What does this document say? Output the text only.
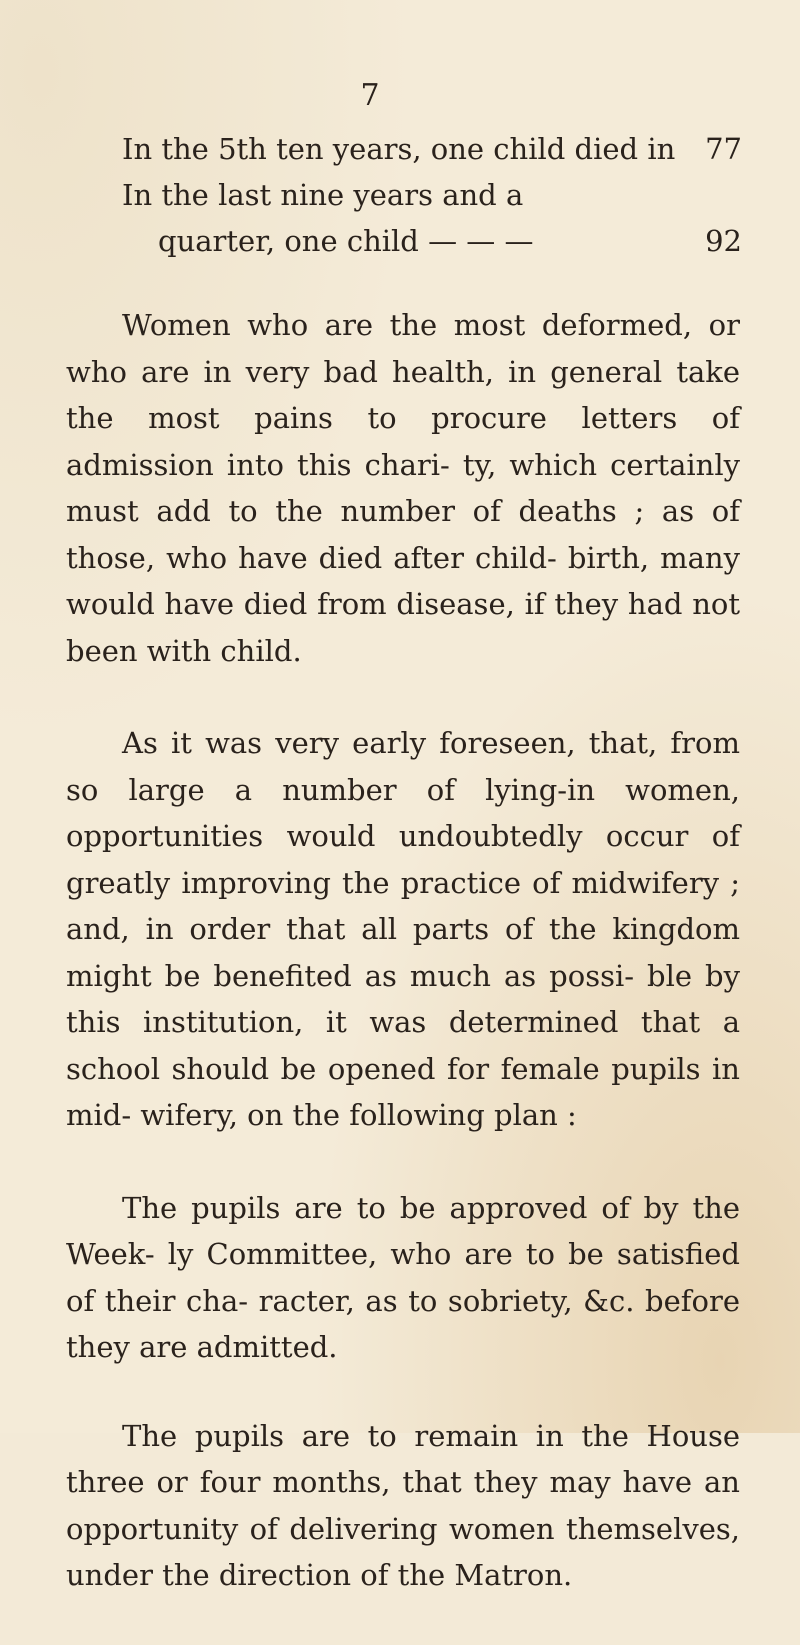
7
In the 5th ten years, one child died in 77
In the last nine years and a
quarter, one child — — —	92

Women who are the most deformed, or who are in very bad health, in general take the most pains to procure letters of admission into this chari- ty, which certainly must add to the number of deaths ; as of those, who have died after child- birth, many would have died from disease, if they had not been with child.

As it was very early foreseen, that, from so large a number of lying-in women, opportunities would undoubtedly occur of greatly improving the practice of midwifery ; and, in order that all parts of the kingdom might be benefited as much as possi- ble by this institution, it was determined that a school should be opened for female pupils in mid- wifery, on the following plan :

The pupils are to be approved of by the Week- ly Committee, who are to be satisfied of their cha- racter, as to sobriety, &c. before they are admitted.

The pupils are to remain in the House three or four months, that they may have an opportunity of delivering women themselves, under the direction of the Matron.
